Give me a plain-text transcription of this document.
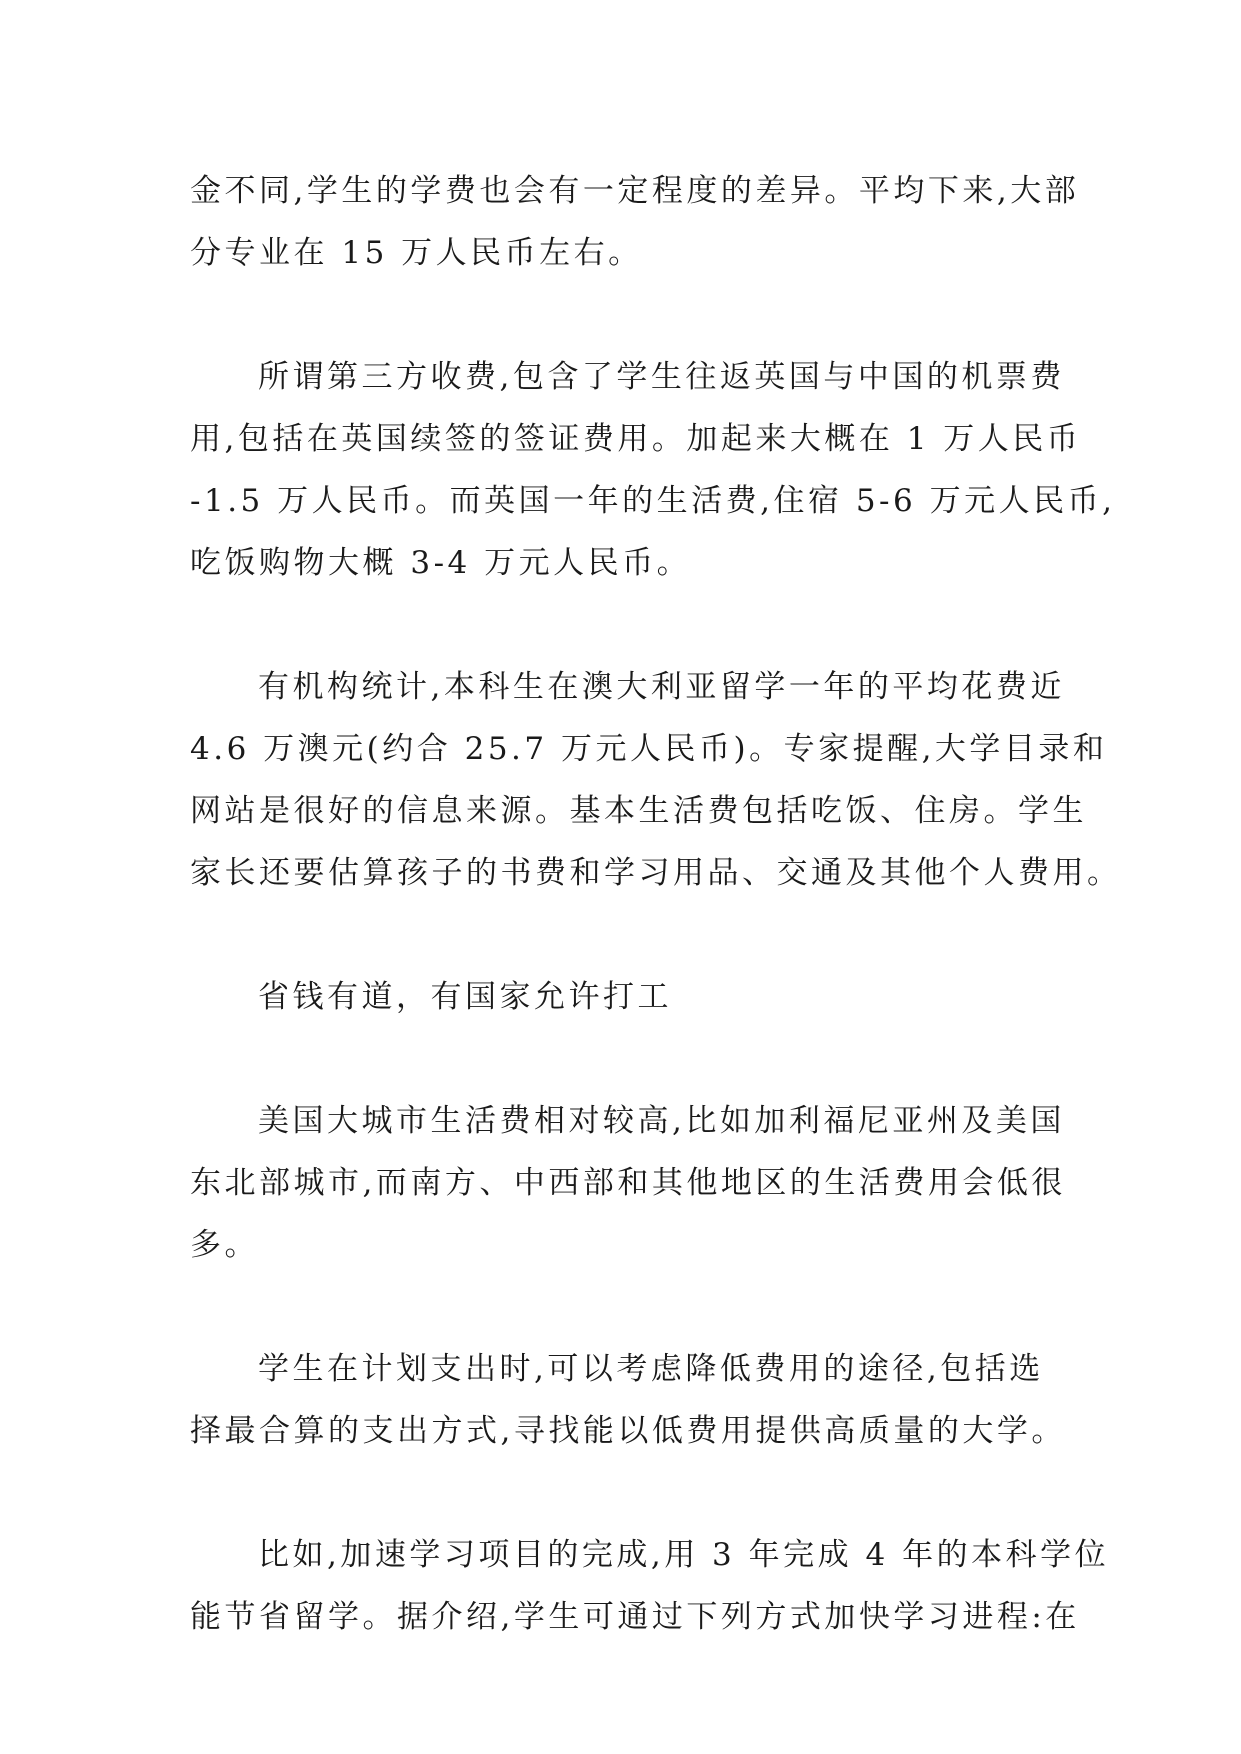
金不同,学生的学费也会有一定程度的差异。平均下来,大部
分专业在 15 万人民币左右。
所谓第三方收费,包含了学生往返英国与中国的机票费
用,包括在英国续签的签证费用。加起来大概在 1 万人民币
-1.5 万人民币。而英国一年的生活费,住宿 5-6 万元人民币,
吃饭购物大概 3-4 万元人民币。
有机构统计,本科生在澳大利亚留学一年的平均花费近
4.6 万澳元(约合 25.7 万元人民币)。专家提醒,大学目录和
网站是很好的信息来源。基本生活费包括吃饭、住房。学生
家长还要估算孩子的书费和学习用品、交通及其他个人费用。
省钱有道，有国家允许打工
美国大城市生活费相对较高,比如加利福尼亚州及美国
东北部城市,而南方、中西部和其他地区的生活费用会低很
多。
学生在计划支出时,可以考虑降低费用的途径,包括选
择最合算的支出方式,寻找能以低费用提供高质量的大学。
比如,加速学习项目的完成,用 3 年完成 4 年的本科学位
能节省留学。据介绍,学生可通过下列方式加快学习进程:在
